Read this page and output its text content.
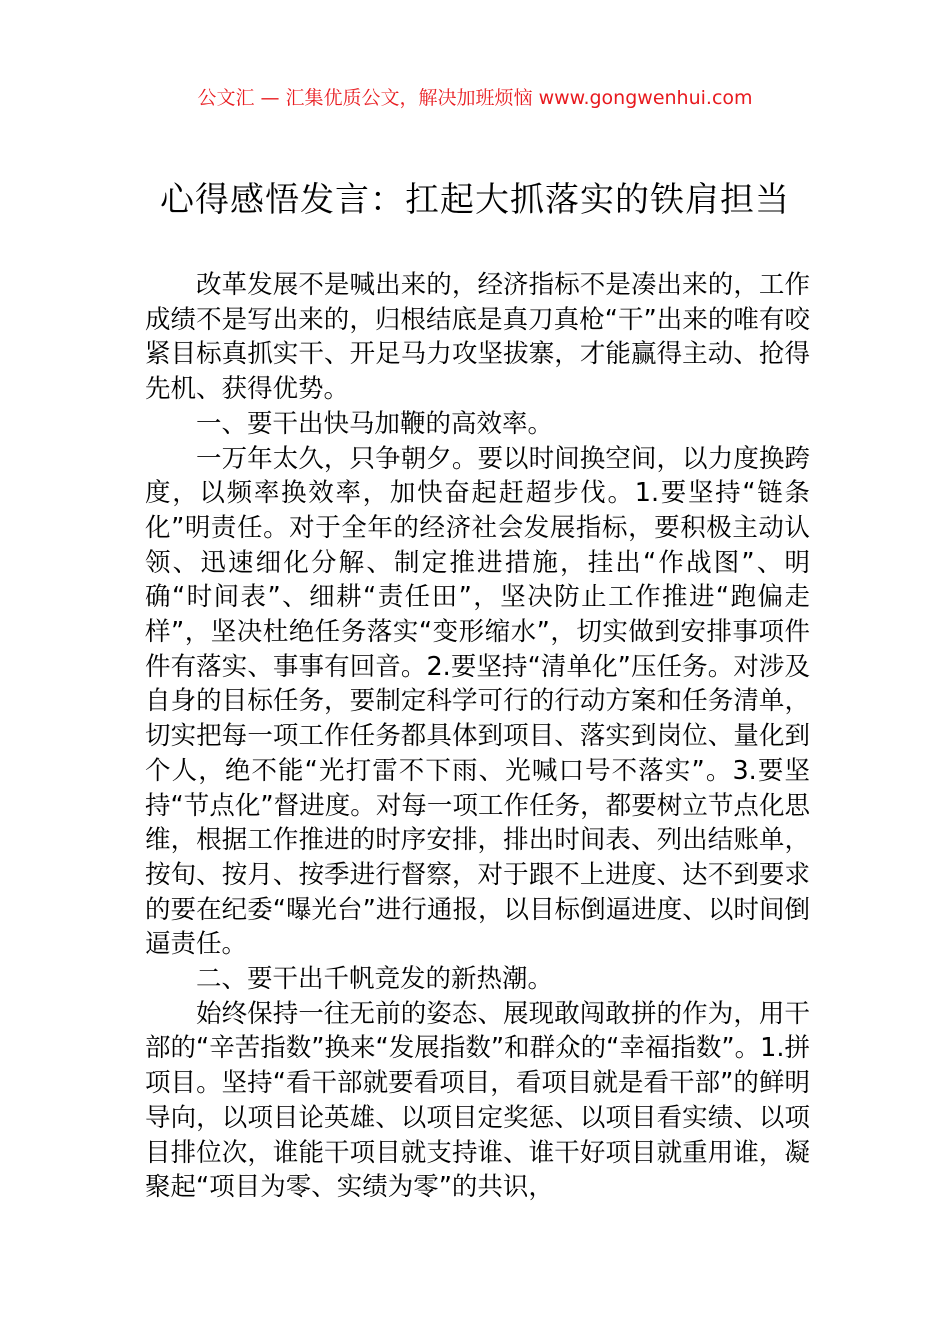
公文汇 — 汇集优质公文，解决加班烦恼 www.gongwenhui.com
心得感悟发言：扛起大抓落实的铁肩担当

改革发展不是喊出来的，经济指标不是凑出来的，工作成绩不是写出来的，归根结底是真刀真枪“干”出来的唯有咬紧目标真抓实干、开足马力攻坚拔寨，才能赢得主动、抢得先机、获得优势。

一、要干出快马加鞭的高效率。

一万年太久，只争朝夕。要以时间换空间，以力度换跨度，以频率换效率，加快奋起赶超步伐。1.要坚持“链条化”明责任。对于全年的经济社会发展指标，要积极主动认领、迅速细化分解、制定推进措施，挂出“作战图”、明确“时间表”、细耕“责任田”，坚决防止工作推进“跑偏走样”，坚决杜绝任务落实“变形缩水”，切实做到安排事项件件有落实、事事有回音。2.要坚持“清单化”压任务。对涉及自身的目标任务，要制定科学可行的行动方案和任务清单，切实把每一项工作任务都具体到项目、落实到岗位、量化到个人，绝不能“光打雷不下雨、光喊口号不落实”。3.要坚持“节点化”督进度。对每一项工作任务，都要树立节点化思维，根据工作推进的时序安排，排出时间表、列出结账单，按旬、按月、按季进行督察，对于跟不上进度、达不到要求的要在纪委“曝光台”进行通报，以目标倒逼进度、以时间倒逼责任。

二、要干出千帆竞发的新热潮。

始终保持一往无前的姿态、展现敢闯敢拼的作为，用干部的“辛苦指数”换来“发展指数”和群众的“幸福指数”。1.拼项目。坚持“看干部就要看项目，看项目就是看干部”的鲜明导向，以项目论英雄、以项目定奖惩、以项目看实绩、以项目排位次，谁能干项目就支持谁、谁干好项目就重用谁，凝聚起“项目为零、实绩为零”的共识，
